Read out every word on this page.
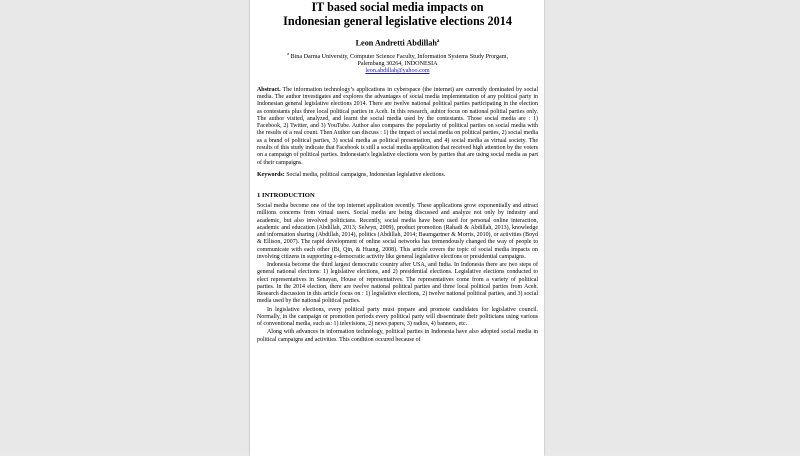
IT based social media impacts on
Indonesian general legislative elections 2014
Leon Andretti Abdillah$^a$
$^a$ Bina Darma University, Computer Science Faculty, Information Systems Study Prorgam,
Palembang 30264, INDONESIA
leon.abdillah@yahoo.com
Abstract. The information technology’s applications in cyberspace (the internet) are currently dominated by social media. The author investigates and explores the advantages of social media implementation of any political party in Indonesian general legislative elections 2014. There are twelve national political parties participating in the election as contestants plus three local political parties in Aceh. In this research, auhtor focus on national politial parties only. The author visited, analyzed, and learnt the social media used by the contestants. Those social media are : 1) Facebook, 2) Twitter, and 3) YouTube. Author also compares the popularity of political parties on social media with the results of a real count. Then Author can discuss : 1) the impact of social media on political parties, 2) social media as a brand of political parties, 3) social media as political presentation, and 4) social media as virtual society. The results of this study indicate that Facebook is still a social media application that received high attention by the voters on a campaign of political parties. Indonesian's legislative elections won by parties that are using social media as part of their campaigns.
Keywords: Social media, political campaigns, Indonesian legislative elections.
1 INTRODUCTION
Social media become one of the top internet application recently. These applications grow exponentially and attract millions concerns from virtual users. Social media are being discussed and analyze not only by industry and academic, but also involved politicians. Recently, social media have been used for personal online interaction, academic and education (Abdillah, 2013; Selwyn, 2009), product promotion (Rahadi & Abdillah, 2013), knowledge and information sharing (Abdillah, 2014), politics (Abdillah, 2014; Baumgartner & Morris, 2010), or activities (Boyd & Ellison, 2007). The rapid development of online social networks has tremendously changed the way of people to communicate with each other (Bi, Qin, & Huang, 2008). This article covers the topic of social media impacts on involving citizens in supporting e-democratic activity like general legislative elections or presidential campaigns.
Indonesia become the third largest democratic country after USA, and India. In Indonesia there are two steps of general national elections: 1) legislative elections, and 2) presidential elections. Legislative elections conducted to elect representatives in Senayan, House of representatives. The representatives come from a variety of political parties. In the 2014 election, there are twelve national political parties and three local political parties from Aceh. Research discussion in this article focus on : 1) legislative elections, 2) twelve national political parties, and 3) social media used by the national political parties.
In legislative elections, every political party must prepare and promote candidates for legislative council. Normally, in the campaign or promotion periods every political party will disseminate their politicians using various of conventional media, such as: 1) televisions, 2) news papers, 3) radios, 4) banners, etc.
Along with advances in information technology, political parties in Indonesia have also adopted social media in political campaigns and activities. This condition occured because of
